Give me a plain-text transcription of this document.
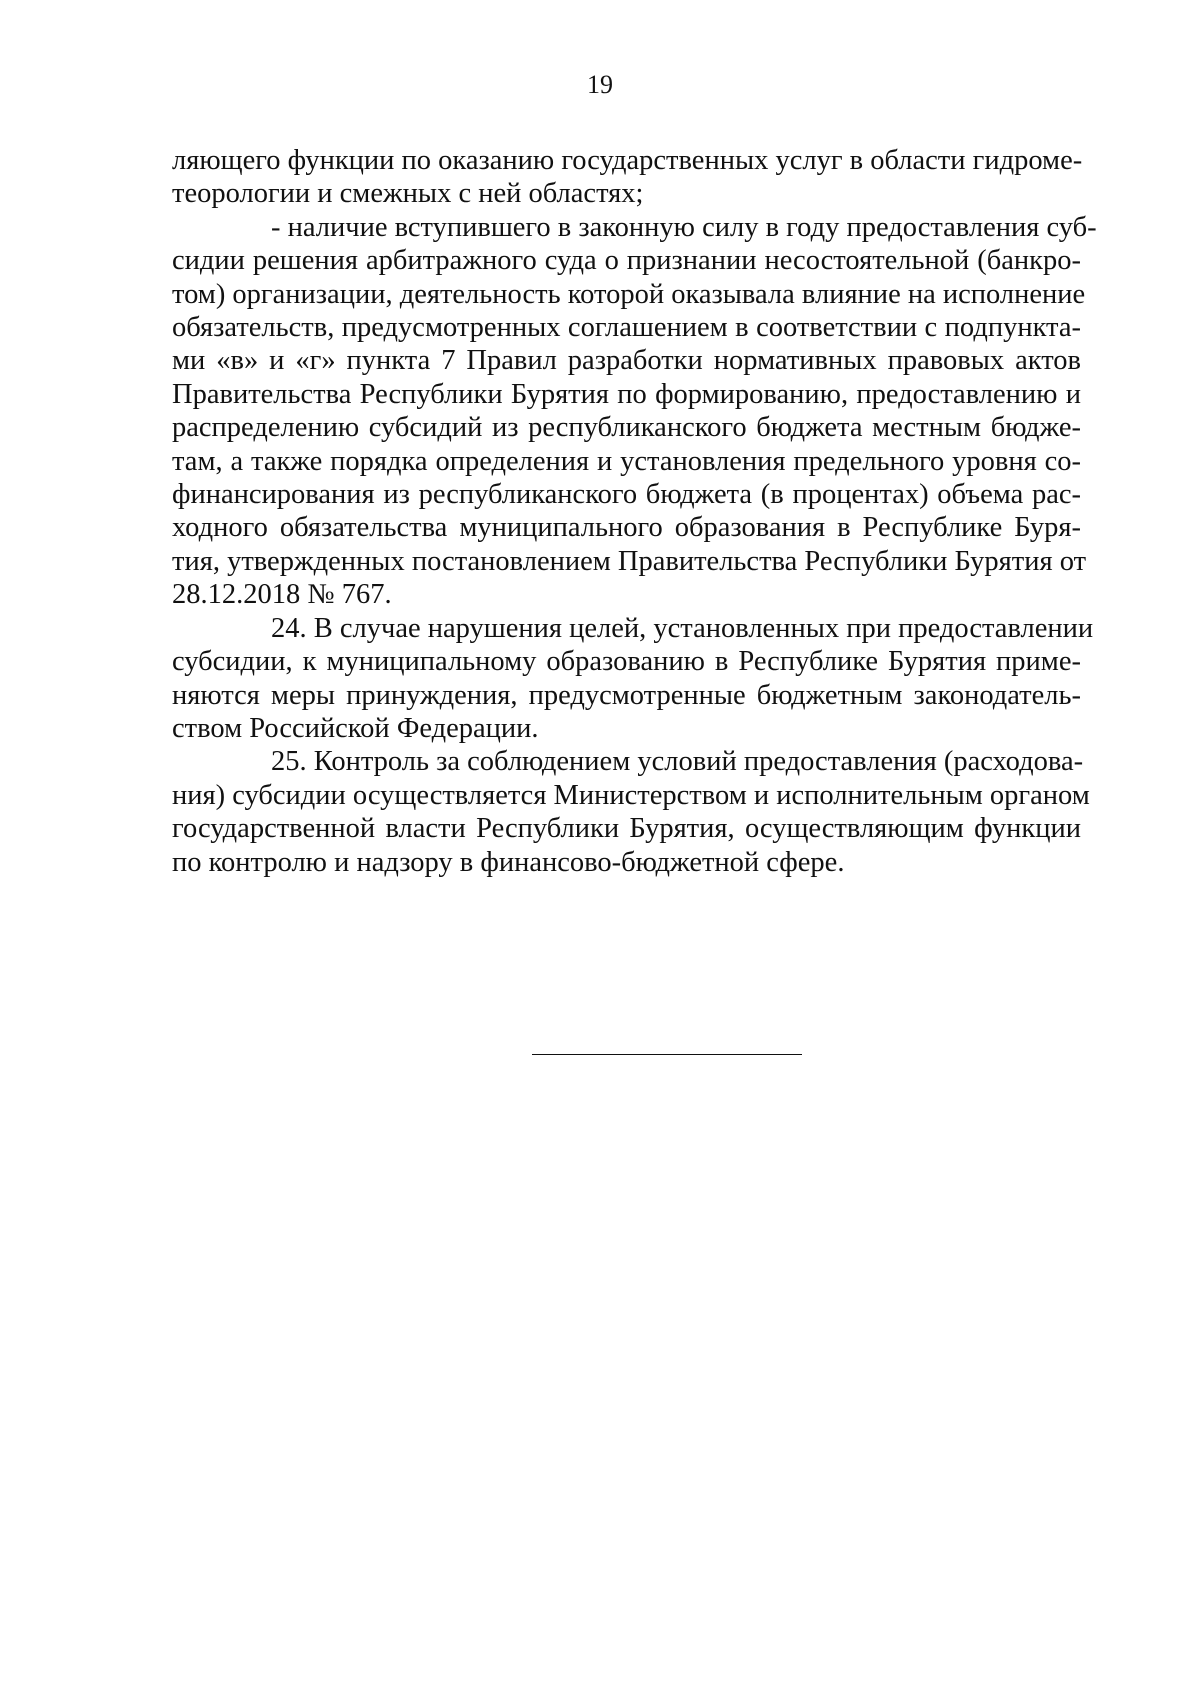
19
ляющего функции по оказанию государственных услуг в области гидроме-
теорологии и смежных с ней областях;
- наличие вступившего в законную силу в году предоставления суб-
сидии решения арбитражного суда о признании несостоятельной (банкро-
том) организации, деятельность которой оказывала влияние на исполнение
обязательств, предусмотренных соглашением в соответствии с подпункта-
ми «в» и «г» пункта 7 Правил разработки нормативных правовых актов
Правительства Республики Бурятия по формированию, предоставлению и
распределению субсидий из республиканского бюджета местным бюдже-
там, а также порядка определения и установления предельного уровня со-
финансирования из республиканского бюджета (в процентах) объема рас-
ходного обязательства муниципального образования в Республике Буря-
тия, утвержденных постановлением Правительства Республики Бурятия от
28.12.2018 № 767.
24. В случае нарушения целей, установленных при предоставлении
субсидии, к муниципальному образованию в Республике Бурятия приме-
няются меры принуждения, предусмотренные бюджетным законодатель-
ством Российской Федерации.
25. Контроль за соблюдением условий предоставления (расходова-
ния) субсидии осуществляется Министерством и исполнительным органом
государственной власти Республики Бурятия, осуществляющим функции
по контролю и надзору в финансово-бюджетной сфере.
